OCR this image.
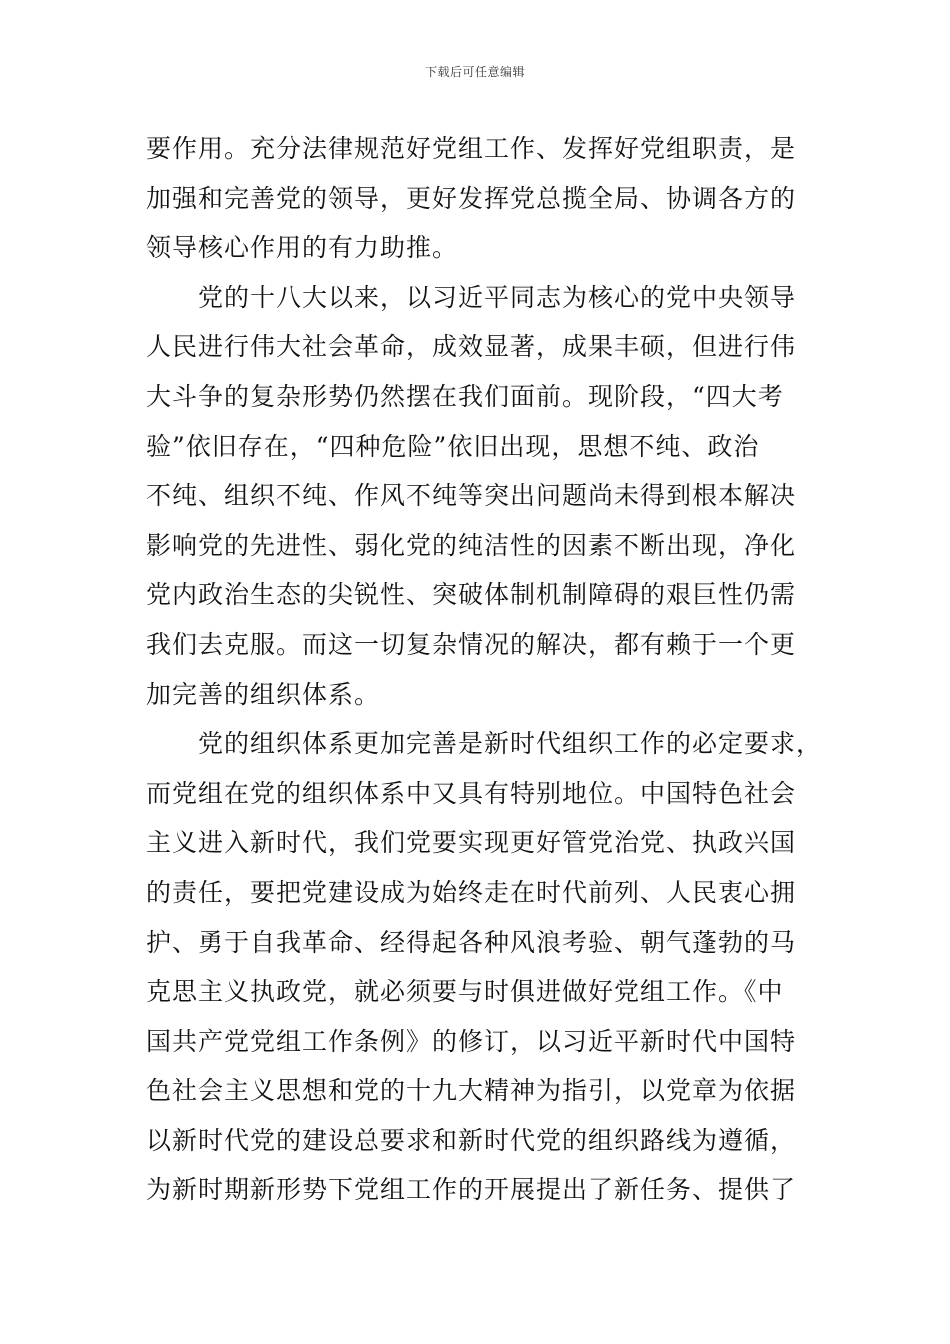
下载后可任意编辑
要作用。充分法律规范好党组工作、发挥好党组职责，是
加强和完善党的领导，更好发挥党总揽全局、协调各方的
领导核心作用的有力助推。
　　党的十八大以来，以习近平同志为核心的党中央领导
人民进行伟大社会革命，成效显著，成果丰硕，但进行伟
大斗争的复杂形势仍然摆在我们面前。现阶段，“四大考
验”依旧存在，“四种危险”依旧出现，思想不纯、政治
不纯、组织不纯、作风不纯等突出问题尚未得到根本解决
影响党的先进性、弱化党的纯洁性的因素不断出现，净化
党内政治生态的尖锐性、突破体制机制障碍的艰巨性仍需
我们去克服。而这一切复杂情况的解决，都有赖于一个更
加完善的组织体系。
　　党的组织体系更加完善是新时代组织工作的必定要求，
而党组在党的组织体系中又具有特别地位。中国特色社会
主义进入新时代，我们党要实现更好管党治党、执政兴国
的责任，要把党建设成为始终走在时代前列、人民衷心拥
护、勇于自我革命、经得起各种风浪考验、朝气蓬勃的马
克思主义执政党，就必须要与时俱进做好党组工作。《中
国共产党党组工作条例》的修订，以习近平新时代中国特
色社会主义思想和党的十九大精神为指引，以党章为依据
以新时代党的建设总要求和新时代党的组织路线为遵循，
为新时期新形势下党组工作的开展提出了新任务、提供了
